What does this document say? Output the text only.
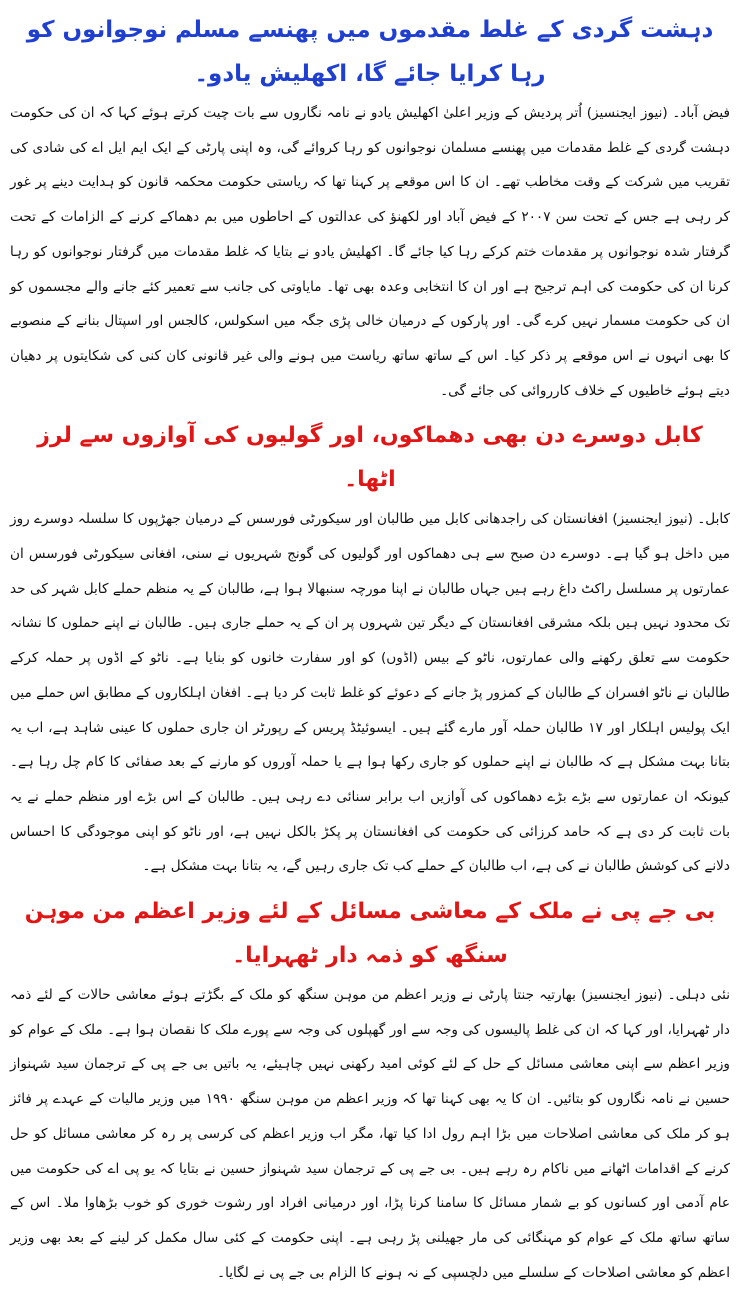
دہشت گردی کے غلط مقدموں میں پھنسے مسلم نوجوانوں کو رہا کرایا جائے گا، اکھلیش یادو۔

فیض آباد۔ (نیوز ایجنسیز) اُتر پردیش کے وزیر اعلیٰ اکھلیش یادو نے نامہ نگاروں سے بات چیت کرتے ہوئے کہا کہ ان کی حکومت دہشت گردی کے غلط مقدمات میں پھنسے مسلمان نوجوانوں کو رہا کروائے گی، وہ اپنی پارٹی کے ایک ایم ایل اے کی شادی کی تقریب میں شرکت کے وقت مخاطب تھے۔ ان کا اس موقعے پر کہنا تھا کہ ریاستی حکومت محکمہ قانون کو ہدایت دینے پر غور کر رہی ہے جس کے تحت سن ۲۰۰۷ کے فیض آباد اور لکھنؤ کی عدالتوں کے احاطوں میں بم دھماکے کرنے کے الزامات کے تحت گرفتار شدہ نوجوانوں پر مقدمات ختم کرکے رہا کیا جائے گا۔ اکھلیش یادو نے بتایا کہ غلط مقدمات میں گرفتار نوجوانوں کو رہا کرنا ان کی حکومت کی اہم ترجیح ہے اور ان کا انتخابی وعدہ بھی تھا۔ مایاوتی کی جانب سے تعمیر کئے جانے والے مجسموں کو ان کی حکومت مسمار نہیں کرے گی۔ اور پارکوں کے درمیان خالی پڑی جگہ میں اسکولس، کالجس اور اسپتال بنانے کے منصوبے کا بھی انہوں نے اس موقعے پر ذکر کیا۔ اس کے ساتھ ساتھ ریاست میں ہونے والی غیر قانونی کان کنی کی شکایتوں پر دھیان دیتے ہوئے خاطیوں کے خلاف کارروائی کی جائے گی۔

کابل دوسرے دن بھی دھماکوں، اور گولیوں کی آوازوں سے لرز اٹھا۔

کابل۔ (نیوز ایجنسیز) افغانستان کی راجدھانی کابل میں طالبان اور سیکورٹی فورسس کے درمیان جھڑپوں کا سلسلہ دوسرے روز میں داخل ہو گیا ہے۔ دوسرے دن صبح سے ہی دھماکوں اور گولیوں کی گونج شہریوں نے سنی، افغانی سیکورٹی فورسس ان عمارتوں پر مسلسل راکٹ داغ رہے ہیں جہاں طالبان نے اپنا مورچہ سنبھالا ہوا ہے، طالبان کے یہ منظم حملے کابل شہر کی حد تک محدود نہیں ہیں بلکہ مشرقی افغانستان کے دیگر تین شہروں پر ان کے یہ حملے جاری ہیں۔ طالبان نے اپنے حملوں کا نشانہ حکومت سے تعلق رکھنے والی عمارتوں، ناٹو کے بیس (اڈوں) کو اور سفارت خانوں کو بنایا ہے۔ ناٹو کے اڈوں پر حملہ کرکے طالبان نے ناٹو افسران کے طالبان کے کمزور پڑ جانے کے دعوئے کو غلط ثابت کر دیا ہے۔ افغان اہلکاروں کے مطابق اس حملے میں ایک پولیس اہلکار اور ۱۷ طالبان حملہ آور مارے گئے ہیں۔ ایسوئیٹڈ پریس کے رپورٹر ان جاری حملوں کا عینی شاہد ہے، اب یہ بتانا بہت مشکل ہے کہ طالبان نے اپنے حملوں کو جاری رکھا ہوا ہے یا حملہ آوروں کو مارنے کے بعد صفائی کا کام چل رہا ہے۔ کیونکہ ان عمارتوں سے بڑے بڑے دھماکوں کی آوازیں اب برابر سنائی دے رہی ہیں۔ طالبان کے اس بڑے اور منظم حملے نے یہ بات ثابت کر دی ہے کہ حامد کرزائی کی حکومت کی افغانستان پر پکڑ بالکل نہیں ہے، اور ناٹو کو اپنی موجودگی کا احساس دلانے کی کوشش طالبان نے کی ہے، اب طالبان کے حملے کب تک جاری رہیں گے، یہ بتانا بہت مشکل ہے۔

بی جے پی نے ملک کے معاشی مسائل کے لئے وزیر اعظم من موہن سنگھ کو ذمہ دار ٹھہرایا۔

نئی دہلی۔ (نیوز ایجنسیز) بھارتیہ جنتا پارٹی نے وزیر اعظم من موہن سنگھ کو ملک کے بگڑتے ہوئے معاشی حالات کے لئے ذمہ دار ٹھہرایا، اور کہا کہ ان کی غلط پالیسوں کی وجہ سے اور گھپلوں کی وجہ سے پورے ملک کا نقصان ہوا ہے۔ ملک کے عوام کو وزیر اعظم سے اپنی معاشی مسائل کے حل کے لئے کوئی امید رکھنی نہیں چاہیئے، یہ باتیں بی جے پی کے ترجمان سید شہنواز حسین نے نامہ نگاروں کو بتائیں۔ ان کا یہ بھی کہنا تھا کہ وزیر اعظم من موہن سنگھ ۱۹۹۰ میں وزیر مالیات کے عہدے پر فائز ہو کر ملک کی معاشی اصلاحات میں بڑا اہم رول ادا کیا تھا، مگر اب وزیر اعظم کی کرسی پر رہ کر معاشی مسائل کو حل کرنے کے اقدامات اٹھانے میں ناکام رہ رہے ہیں۔ بی جے پی کے ترجمان سید شہنواز حسین نے بتایا کہ یو پی اے کی حکومت میں عام آدمی اور کسانوں کو بے شمار مسائل کا سامنا کرنا پڑا، اور درمیانی افراد اور رشوت خوری کو خوب بڑھاوا ملا۔ اس کے ساتھ ساتھ ملک کے عوام کو مہنگائی کی مار جھیلنی پڑ رہی ہے۔ اپنی حکومت کے کئی سال مکمل کر لینے کے بعد بھی وزیر اعظم کو معاشی اصلاحات کے سلسلے میں دلچسپی کے نہ ہونے کا الزام بی جے پی نے لگایا۔
